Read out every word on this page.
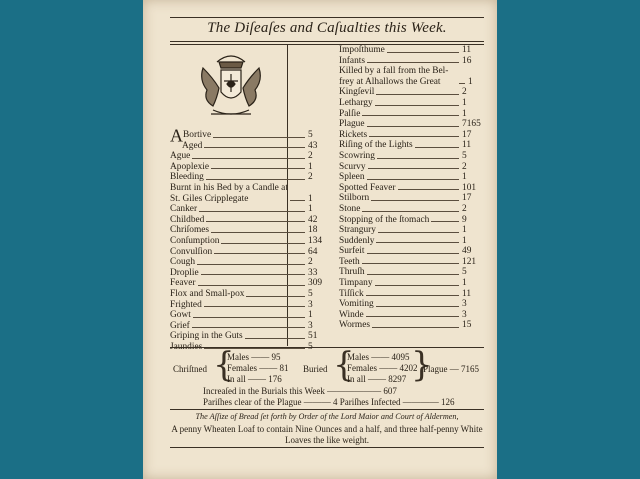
The Diſeaſes and Caſualties this Week.
ABortive	5
Aged	43
Ague	2
Apoplexie	1
Bleeding	2
Burnt in his Bed by a Candle at St. Giles Cripplegate	1
Canker	1
Childbed	42
Chriſomes	18
Conſumption	134
Convulſion	64
Cough	2
Droplie	33
Feaver	309
Flox and Small-pox	5
Frighted	3
Gowt	1
Grief	3
Griping in the Guts	51
Jaundies	5
Impoſthume	11
Infants	16
Killed by a fall from the Bel-frey at Alhallows the Great	1
Kingſevil	2
Lethargy	1
Palſie	1
Plague	7165
Rickets	17
Riſing of the Lights	11
Scowring	5
Scurvy	2
Spleen	1
Spotted Feaver	101
Stilborn	17
Stone	2
Stopping of the ſtomach	9
Strangury	1
Suddenly	1
Surfeit	49
Teeth	121
Thruſh	5
Timpany	1
Tiſſick	11
Vomiting	3
Winde	3
Wormes	15
Chriſtned {
Males —— 95
Females —— 81
In all —— 176
Buried {
Males —— 4095
Females —— 4202
In all —— 8297 }
Plague — 7165
Increaſed in the Burials this Week —————— 607
Pariſhes clear of the Plague ——— 4 Pariſhes Infected ———— 126
The Aſſize of Bread ſet forth by Order of the Lord Maior and Court of Aldermen,
A penny Wheaten Loaf to contain Nine Ounces and a half, and three half-penny White Loaves the like weight.
